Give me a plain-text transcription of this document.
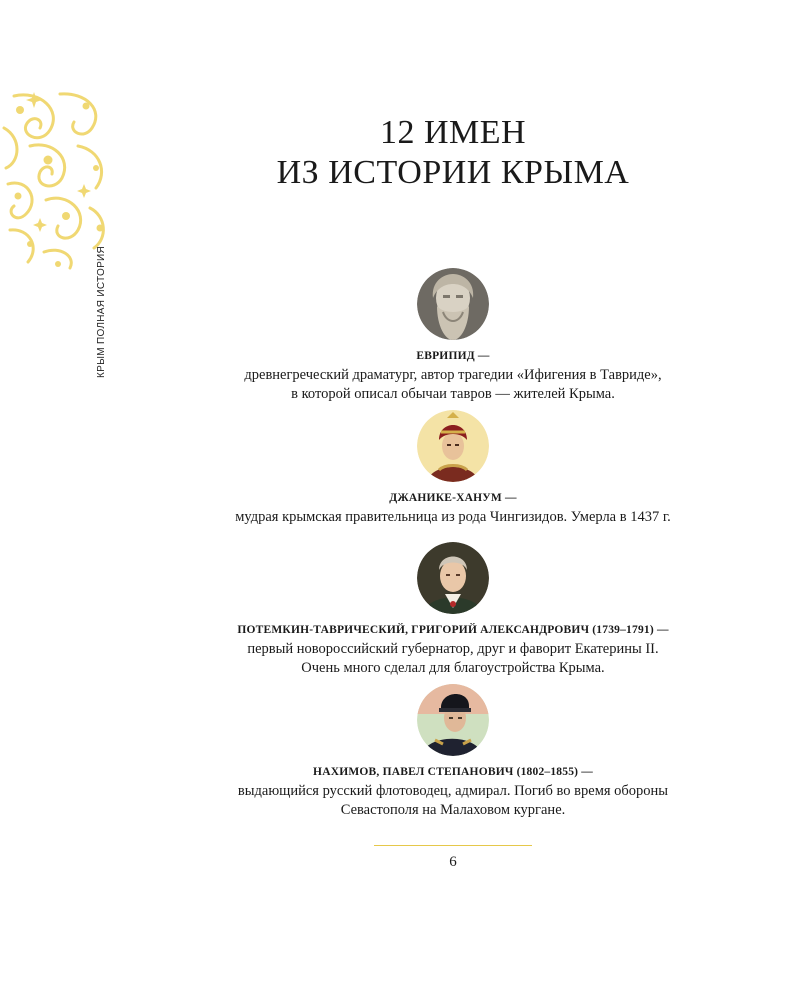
КРЫМ ПОЛНАЯ ИСТОРИЯ
12 ИМЕН
ИЗ ИСТОРИИ КРЫМА
ЕВРИПИД —
древнегреческий драматург, автор трагедии «Ифигения в Тавриде»,
в которой описал обычаи тавров — жителей Крыма.
ДЖАНИКЕ-ХАНУМ —
мудрая крымская правительница из рода Чингизидов. Умерла в 1437 г.
ПОТЕМКИН-ТАВРИЧЕСКИЙ, ГРИГОРИЙ АЛЕКСАНДРОВИЧ (1739–1791) —
первый новороссийский губернатор, друг и фаворит Екатерины II.
Очень много сделал для благоустройства Крыма.
НАХИМОВ, ПАВЕЛ СТЕПАНОВИЧ (1802–1855) —
выдающийся русский флотоводец, адмирал. Погиб во время обороны
Севастополя на Малаховом кургане.
6
